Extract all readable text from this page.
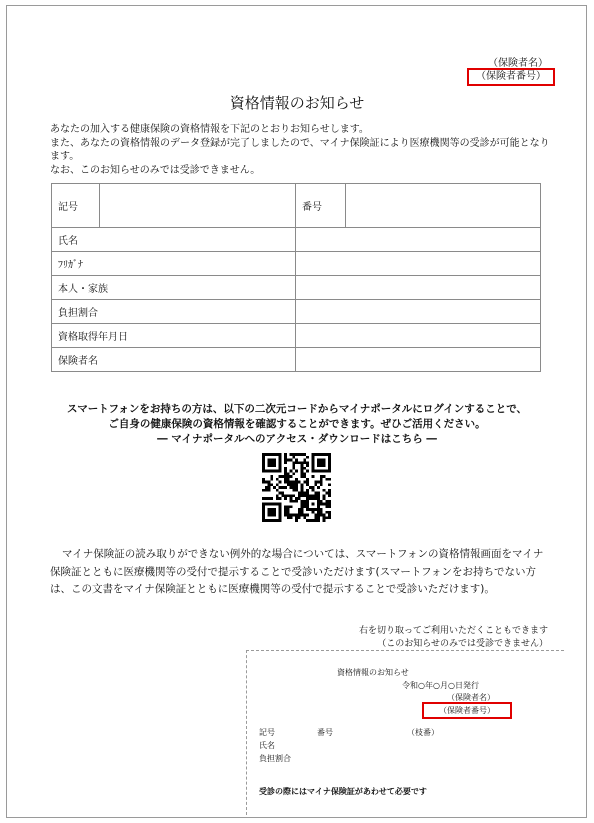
（保険者名）
（保険者番号）
資格情報のお知らせ

あなたの加入する健康保険の資格情報を下記のとおりお知らせします。

また、あなたの資格情報のデータ登録が完了しましたので、マイナ保険証により医療機関等の受診が可能となります。

なお、このお知らせのみでは受診できません。

記号		番号	
氏名			
ﾌﾘｶﾞﾅ			
本人・家族			
負担割合			
資格取得年月日			
保険者名			
スマートフォンをお持ちの方は、以下の二次元コードからマイナポータルにログインすることで、
ご自身の健康保険の資格情報を確認することができます。ぜひご活用ください。
― マイナポータルへのアクセス・ダウンロードはこちら ―

マイナ保険証の読み取りができない例外的な場合については、スマートフォンの資格情報画面をマイナ保険証とともに医療機関等の受付で提示することで受診いただけます(スマートフォンをお持ちでない方は、この文書をマイナ保険証とともに医療機関等の受付で提示することで受診いただけます)。

右を切り取ってご利用いただくこともできます
（このお知らせのみでは受診できません）
資格情報のお知らせ
令和○年○月○日発行
（保険者名）
（保険者番号）
記号	番号	（枝番）
氏名
負担割合
受診の際にはマイナ保険証があわせて必要です
